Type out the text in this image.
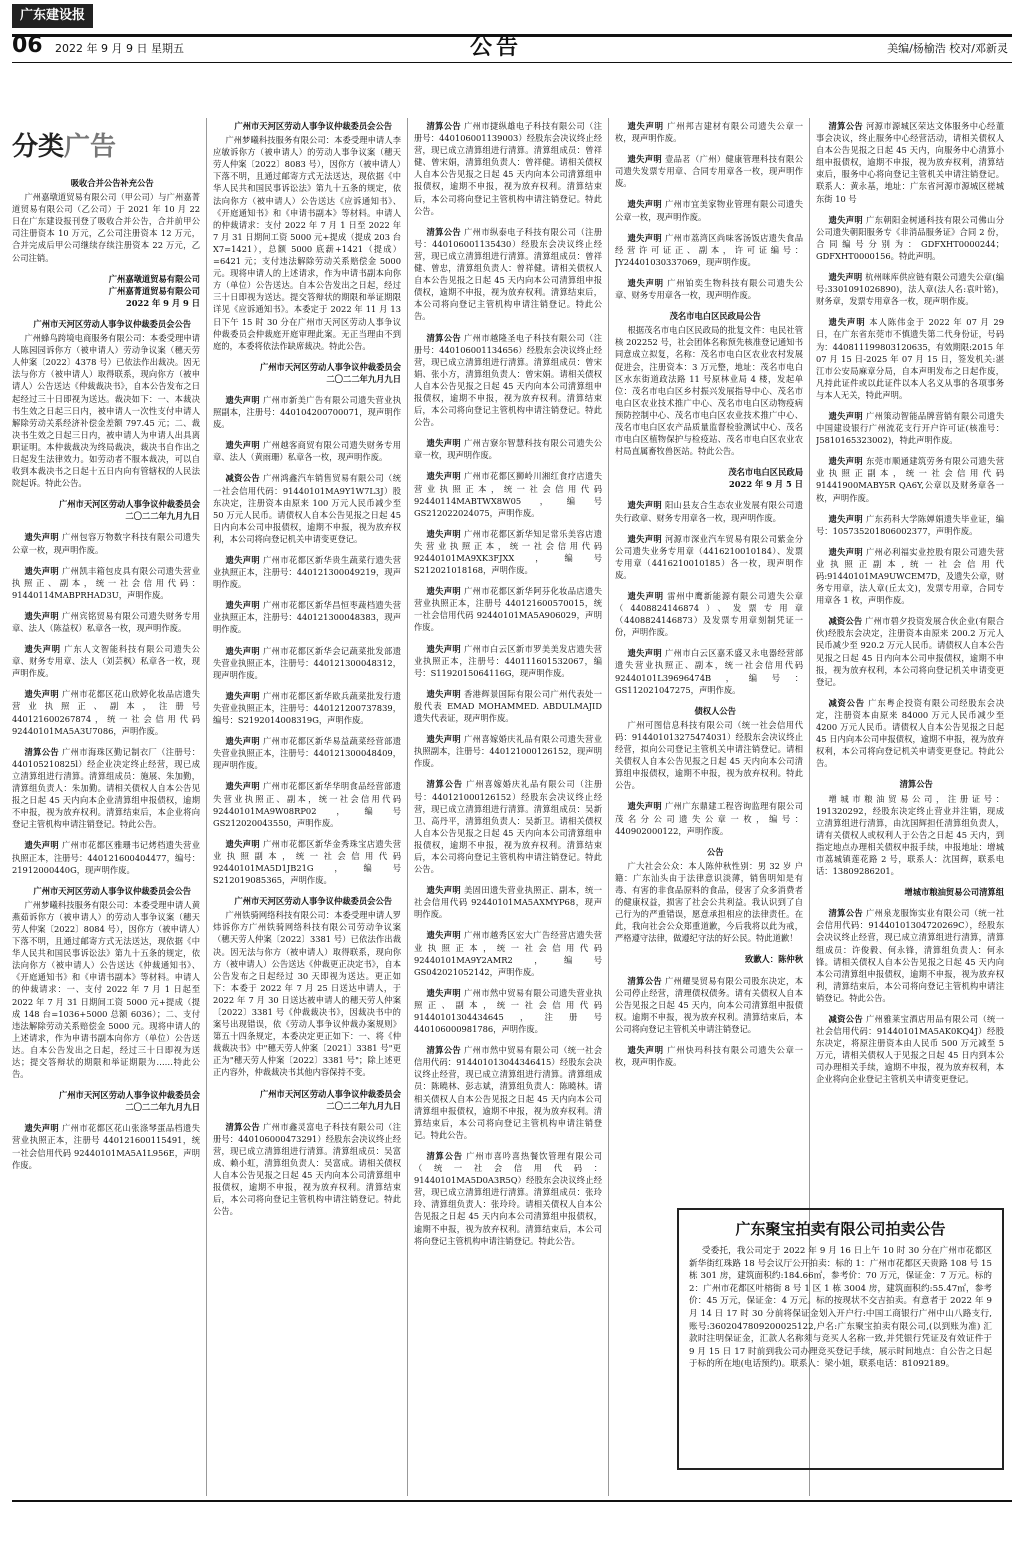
广东建设报
06 2022 年 9 月 9 日 星期五	公告	美编/杨榆浩 校对/邓新灵
分类广告

吸收合并公告补充公告

广州嘉墩道贸易有限公司（甲公司）与广州嘉菁道贸易有限公司（乙公司）于 2021 年 10 月 22 日在广东建设报刊登了吸收合并公告，合并前甲公司注册资本 10 万元，乙公司注册资本 12 万元，合并完成后甲公司继续存续注册资本 22 万元，乙公司注销。

广州嘉墩道贸易有限公司

广州嘉菁道贸易有限公司

2022 年 9 月 9 日

广州市天河区劳动人事争议仲裁委员会公告

广州蜂鸟跨境电商服务有限公司：本委受理申请人陈园园诉你方（被申请人）劳动争议案（穗天劳人仲案〔2022〕4378 号）已依法作出裁决。因无法与你方（被申请人）取得联系，现向你方（被申请人）公告送达《仲裁裁决书》，自本公告发布之日起经过三十日即视为送达。裁决如下：一、本裁决书生效之日起三日内，被申请人一次性支付申请人解除劳动关系经济补偿金差额 797.45 元；二、裁决书生效之日起三日内，被申请人为申请人出具离职证明。本仲裁裁决为终局裁决，裁决书自作出之日起发生法律效力。如劳动者不服本裁决，可以自收到本裁决书之日起十五日内向有管辖权的人民法院起诉。特此公告。

广州市天河区劳动人事争议仲裁委员会

二〇二二年九月九日

遗失声明 广州包容万物数字科技有限公司遗失公章一枚，现声明作废。

遗失声明 广州凯丰箱包皮具有限公司遗失营业执照正、副本，统一社会信用代码：91440114MABPRHAD3U，声明作废。

遗失声明 广州宾铭贸易有限公司遗失财务专用章、法人（陈益权）私章各一枚，现声明作废。

遗失声明 广东人文智能科技有限公司遗失公章、财务专用章、法人（刘芸枫）私章各一枚，现声明作废。

遗失声明 广州市花都区花山欣婷化妆品店遗失营业执照正、副本，注册号 440121600267874，统一社会信用代码 92440101MA5A3U7086，声明作废。

清算公告 广州市海珠区勤记制衣厂（注册号：440105210825l）经企业决定终止经营，现已成立清算组进行清算。清算组成员：施展、朱加勤，清算组负责人：朱加勤。请相关债权人自本公告见报之日起 45 天内向本企业清算组申报债权，逾期不申报，视为放弃权利。清算结束后，本企业将向登记主管机构申请注销登记。特此公告。

遗失声明 广州市花都区雅珊韦记烤档遗失营业执照正本，注册号：440121600404477，编号：21912000440G，现声明作废。

广州市天河区劳动人事争议仲裁委员会公告

广州梦曦科技服务有限公司：本委受理申请人黄燕茹诉你方（被申请人）的劳动人事争议案（穗天劳人仲案〔2022〕8084 号），因你方（被申请人）下落不明，且通过邮寄方式无法送达，现依据《中华人民共和国民事诉讼法》第九十五条的规定，依法向你方（被申请人）公告送达《仲裁通知书》、《开庭通知书》和《申请书副本》等材料。申请人的仲裁请求：一、支付 2022 年 7 月 1 日起至 2022 年 7 月 31 日期间工资 5000 元+提成（提成 148 台=1036+5000 总额 6036）；二、支付违法解除劳动关系赔偿金 5000 元。现将申请人的上述请求，作为申请书副本向你方（单位）公告送达。自本公告发出之日起，经过三十日即视为送达；提交答辩状的期限和举证期限为……特此公告。

广州市天河区劳动人事争议仲裁委员会

二〇二二年九月九日

遗失声明 广州市花都区花山张涤琴蛋品档遗失营业执照正本，注册号 440121600115491，统一社会信用代码 92440101MA5A1L956E，声明作废。

广州市天河区劳动人事争议仲裁委员会公告

广州梦曦科技服务有限公司：本委受理申请人李应敏诉你方（被申请人）的劳动人事争议案（穗天劳人仲案〔2022〕8083 号），因你方（被申请人）下落不明，且通过邮寄方式无法送达，现依据《中华人民共和国民事诉讼法》第九十五条的规定，依法向你方（被申请人）公告送达《应诉通知书》、《开庭通知书》和《申请书副本》等材料。申请人的仲裁请求：支付 2022 年 7 月 1 日至 2022 年 7 月 31 日期间工资 5000 元+提成（提成 203 台 X7=1421），总额 5000 底薪+1421（提成）=6421 元；支付违法解除劳动关系赔偿金 5000 元。现将申请人的上述请求，作为申请书副本向你方（单位）公告送达。自本公告发出之日起，经过三十日即视为送达。提交答辩状的期限和举证期限详见《应诉通知书》。本委定于 2022 年 11 月 13 日下午 15 时 30 分在广州市天河区劳动人事争议仲裁委员会仲裁庭开庭审理此案。无正当理由不到庭的，本委将依法作缺席裁决。特此公告。

广州市天河区劳动人事争议仲裁委员会

二〇二二年九月九日

遗失声明 广州市新美广告有限公司遗失营业执照副本，注册号：440104200700071，现声明作废。

遗失声明 广州越客商贸有限公司遗失财务专用章、法人（黄雨珊）私章各一枚，现声明作废。

减资公告 广州鸿鑫汽车销售贸易有限公司（统一社会信用代码：91440101MA9Y1W7L3J）股东决定，注册资本由原来 100 万元人民币减少至 50 万元人民币。请债权人自本公告见报之日起 45 日内向本公司申报债权，逾期不申报，视为放弃权利，本公司将向登记机关申请变更登记。

遗失声明 广州市花都区新华贵生蔬菜行遗失营业执照正本，注册号：440121300049219，现声明作废。

遗失声明 广州市花都区新华昌恒枣蔬档遗失营业执照正本，注册号：440121300048383，现声明作废。

遗失声明 广州市花都区新华会记蔬菜批发部遗失营业执照正本，注册号：440121300048312，现声明作废。

遗失声明 广州市花都区新华欧兵蔬菜批发行遗失营业执照正本，注册号：440121200737839，编号：S2192014008319G，声明作废。

遗失声明 广州市花都区新华易益蔬菜经营部遗失营业执照正本，注册号：440121300048409，现声明作废。

遗失声明 广州市花都区新华华明食品经营部遗失营业执照正、副本，统一社会信用代码 92440101MA9W08RP02，编号 GS212020043550，声明作废。

遗失声明 广州市花都区新华金秀珠宝店遗失营业执照副本，统一社会信用代码 92440101MA5D1JB21G，编号 S212019085365，声明作废。

广州市天河区劳动人事争议仲裁委员会公告

广州铁骑网络科技有限公司：本委受理申请人罗炜诉你方广州铁骑网络科技有限公司劳动争议案（穗天劳人仲案〔2022〕3381 号）已依法作出裁决。因无法与你方（被申请人）取得联系，现向你方（被申请人）公告送达《仲裁更正决定书》，自本公告发布之日起经过 30 天即视为送达。更正如下：本委于 2022 年 7 月 25 日送达申请人，于 2022 年 7 月 30 日送达被申请人的穗天劳人仲案〔2022〕3381 号《仲裁裁决书》，因裁决书中的案号出现错误，依《劳动人事争议仲裁办案规则》第五十四条规定，本委决定更正如下：一、将《仲裁裁决书》中"穗天劳人仲案〔2021〕3381 号"更正为"穗天劳人仲案〔2022〕3381 号"；除上述更正内容外，仲裁裁决书其他内容保持不变。

广州市天河区劳动人事争议仲裁委员会

二〇二二年九月九日

清算公告 广州市鑫灵富电子科技有限公司（注册号：440106000473291）经股东会决议终止经营，现已成立清算组进行清算。清算组成员：吴富成、赖小虹，清算组负责人：吴富成。请相关债权人自本公告见报之日起 45 天内向本公司清算组申报债权，逾期不申报，视为放弃权利。清算结束后，本公司将向登记主管机构申请注销登记。特此公告。

清算公告 广州市捷纵雄电子科技有限公司（注册号：440106001139003）经股东会决议终止经营，现已成立清算组进行清算。清算组成员：曾祥健、曾宋娟，清算组负责人：曾祥健。请相关债权人自本公告见报之日起 45 天内向本公司清算组申报债权，逾期不申报，视为放弃权利。清算结束后，本公司将向登记主管机构申请注销登记。特此公告。

清算公告 广州市纵泰电子科技有限公司（注册号：440106001135430）经股东会决议终止经营，现已成立清算组进行清算。清算组成员：曾祥健、曾忠，清算组负责人：曾祥健。请相关债权人自本公告见报之日起 45 天内向本公司清算组申报债权，逾期不申报，视为放弃权利。清算结束后，本公司将向登记主管机构申请注销登记。特此公告。

清算公告 广州市越隆圣电子科技有限公司（注册号：440106001134656）经股东会决议终止经营，现已成立清算组进行清算。清算组成员：曾宋娟、张小方，清算组负责人：曾宋娟。请相关债权人自本公告见报之日起 45 天内向本公司清算组申报债权，逾期不申报，视为放弃权利。清算结束后，本公司将向登记主管机构申请注销登记。特此公告。

遗失声明 广州吉寮尔智慧科技有限公司遗失公章一枚，现声明作废。

遗失声明 广州市花都区狮岭川湘红食疗店遗失营业执照正本，统一社会信用代码 92440114MABTWX8W05，编号 GS212022024075，声明作废。

遗失声明 广州市花都区新华知足常乐美容店遗失营业执照正本，统一社会信用代码 92440101MA9XK3FJXX，编号 S212021018168，声明作废。

遗失声明 广州市花都区新华阿芬化妆品店遗失营业执照正本，注册号 440121600570015，统一社会信用代码 92440101MA5A906029，声明作废。

遗失声明 广州市白云区新市罗美美发店遗失营业执照正本，注册号：440111601532067，编号：S1192015064116G，现声明作废。

遗失声明 香港辉景国际有限公司广州代表处一般代表 EMAD MOHAMMED. ABDULMAJID 遗失代表证，现声明作废。

遗失声明 广州喜嫁婚庆礼品有限公司遗失营业执照副本，注册号：440121000126152，现声明作废。

清算公告 广州喜嫁婚庆礼品有限公司（注册号：440121000126152）经股东会决议终止经营，现已成立清算组进行清算。清算组成员：吴新卫、高丹平，清算组负责人：吴新卫。请相关债权人自本公告见报之日起 45 天内向本公司清算组申报债权，逾期不申报，视为放弃权利。清算结束后，本公司将向登记主管机构申请注销登记。特此公告。

遗失声明 美固田遗失营业执照正、副本，统一社会信用代码 92440101MA5AXMYP68，现声明作废。

遗失声明 广州市越秀区宏大广告经营店遗失营业执照正本，统一社会信用代码 92440101MA9Y2AMR2，编号 GS042021052142，声明作废。

遗失声明 广州市然中贸易有限公司遗失营业执照正、副本，统一社会信用代码 91440101304434645，注册号 440106000981786，声明作废。

清算公告 广州市然中贸易有限公司（统一社会信用代码：914401013044346415）经股东会决议终止经营，现已成立清算组进行清算。清算组成员：陈曉林、彭志斌，清算组负责人：陈曉林。请相关债权人自本公告见报之日起 45 天内向本公司清算组申报债权，逾期不申报，视为放弃权利。清算结束后，本公司将向登记主管机构申请注销登记。特此公告。

清算公告 广州市喜吟喜热餐饮管理有限公司（统一社会信用代码：91440101MA5D0A3R5Q）经股东会决议终止经营，现已成立清算组进行清算。清算组成员：张玲玲、清算组负责人：张玲玲。请相关债权人自本公告见报之日起 45 天内向本公司清算组申报债权，逾期不申报，视为放弃权利。清算结束后，本公司将向登记主管机构申请注销登记。特此公告。

遗失声明 广州邦吉建材有限公司遗失公章一枚，现声明作废。

遗失声明 壹品茗（广州）健康管理科技有限公司遗失发票专用章、合同专用章各一枚，现声明作废。

遗失声明 广州市宜美家物业管理有限公司遗失公章一枚，现声明作废。

遗失声明 广州市荔湾区尚味客汤饭店遗失食品经营许可证正、副本，许可证编号：JY24401030337069，现声明作废。

遗失声明 广州铂奕生物科技有限公司遗失公章、财务专用章各一枚，现声明作废。

茂名市电白区民政局公告

根据茂名市电白区民政局的批复文件：电民社管核 202252 号，社会团体名称预先核准登记通知书同意成立拟复，名称：茂名市电白区农业农村发展促进会，注册资本：3 万元整，地址：茂名市电白区水东街道政法路 11 号原林业局 4 楼，发起单位：茂名市电白区乡村振兴发展指导中心、茂名市电白区农业技术推广中心、茂名市电白区动物疫病预防控制中心、茂名市电白区农业技术推广中心、茂名市电白区农产品质量监督检验测试中心、茂名市电白区植物保护与检疫站、茂名市电白区农业农村局直属畜牧兽医站。特此公告。

茂名市电白区民政局

2022 年 9 月 5 日

遗失声明 阳山县友合生态农业发展有限公司遗失行政章、财务专用章各一枚，现声明作废。

遗失声明 河源市深业汽车贸易有限公司紫金分公司遗失业务专用章（4416210010184）、发票专用章（4416210010185）各一枚，现声明作废。

遗失声明 雷州中鹰新能源有限公司遗失公章（4408824146874）、发票专用章（4408824146873）及发票专用章刻制凭证一份，声明作废。

遗失声明 广州市白云区嘉禾盛又永电器经营部遗失营业执照正、副本，统一社会信用代码 92440101L39696474B，编号：GS112021047275，声明作废。

债权人公告

广州可图信息科技有限公司（统一社会信用代码：914401013275474031）经股东会决议终止经营，拟向公司登记主管机关申请注销登记。请相关债权人自本公告见报之日起 45 天内向本公司清算组申报债权，逾期不申报，视为放弃权利。特此公告。

遗失声明 广州广东鼎建工程咨询监理有限公司茂名分公司遗失公章一枚，编号：440902000122，声明作废。

公告

广大社会公众：本人陈仲秋性别：男 32 岁 户籍：广东汕头由于法律意识淡薄，销售明知是有毒、有害的非食品原料的食品，侵害了众多消费者的健康权益，损害了社会公共利益。我认识到了自己行为的严重错误，愿意承担相应的法律责任。在此，我向社会公众郑重道歉，今后我将以此为戒，严格遵守法律，做遵纪守法的好公民。特此道歉！

致歉人：陈仲秋

清算公告 广州耀旻贸易有限公司股东决定，本公司停止经营，清理债权债务。请有关债权人自本公告见报之日起 45 天内，向本公司清算组申报债权。逾期不申报，视为放弃权利。清算结束后，本公司将向登记主管机关申请注销登记。

遗失声明 广州快玛科技有限公司遗失公章一枚，现声明作废。

清算公告 河源市源城区荣达文体服务中心经董事会决议，终止服务中心经营活动，请相关债权人自本公告见报之日起 45 天内，向服务中心清算小组申报债权，逾期不申报，视为放弃权利，清算结束后，服务中心将向登记主管机关申请注销登记。联系人：黄永基，地址：广东省河源市源城区槎城东街 10 号

遗失声明 广东朝阳金树通科技有限公司佛山分公司遗失朝阳服务专《非消品服务证》合同 2 份，合同编号分别为：GDFXHT0000244；GDFXHT0000156。特此声明。

遗失声明 杭州咪库供应链有限公司遗失公章(编号:3301091026890)，法人章(法人名:袁叶铭)，财务章，发票专用章各一枚，现声明作废。

遗失声明 本人陈伟金于 2022 年 07 月 29 日，在广东省东莞市不慎遗失第二代身份证，号码为：440811199803120635，有效期限:2015 年 07 月 15 日-2025 年 07 月 15 日，签发机关:湛江市公安局麻章分局，自本声明发布之日起作废，凡持此证件或以此证件以本人名义从事的各项事务与本人无关，特此声明。

遗失声明 广州策动智能品牌营销有限公司遗失中国建设银行广州流花支行开户许可证(核准号：J5810165323002)，特此声明作废。

遗失声明 东莞市顺通建筑劳务有限公司遗失营业执照正副本，统一社会信用代码 91441900MABY5R QA6Y,公章以及财务章各一枚，声明作废。

遗失声明 广东药科大学陈婵娟遗失毕业证，编号：105735201806002377，声明作废。

遗失声明 广州必利福实业控股有限公司遗失营业执照正副本,统一社会信用代码:91440101MA9UWCEM7D，及遗失公章，财务专用章，法人章(丘太文)，发票专用章，合同专用章各 1 枚，声明作废。

减资公告 广州市碧夕投资发展合伙企业(有限合伙)经股东会决定，注册资本由原来 200.2 万元人民币减少至 920.2 万元人民币。请债权人自本公告见报之日起 45 日内向本公司申报债权，逾期不申报，视为放弃权利，本公司将向登记机关申请变更登记。

减资公告 广东粤企投资有限公司经股东会决定，注册资本由原来 84000 万元人民币减少至 4200 万元人民币。请债权人自本公告见报之日起 45 日内向本公司申报债权，逾期不申报，视为放弃权利，本公司将向登记机关申请变更登记。特此公告。

清算公告

增城市粮油贸易公司，注册证号：191320292，经股东决定终止营业并注销，现成立清算组进行清算，由沈国辉担任清算组负责人，请有关债权人或权利人于公告之日起 45 天内，到指定地点办理相关债权申报手续，申报地址：增城市荔城镇莲花路 2 号，联系人：沈国辉，联系电话：13809286201。

增城市粮油贸易公司清算组

清算公告 广州泉龙服饰实业有限公司（统一社会信用代码：91440101304720269C），经股东会决议终止经营，现已成立清算组进行清算，清算组成员：许俊毅、何永锋，清算组负责人：何永锋。请相关债权人自本公告见报之日起 45 天内向本公司清算组申报债权，逾期不申报，视为放弃权利，清算结束后，本公司将向登记主管机构申请注销登记。特此公告。

减资公告 广州雅莱宝酒店用品有限公司（统一社会信用代码：91440101MA5AK0KQ4J）经股东决定，将原注册资本由人民币 500 万元减至 5 万元，请相关债权人于见报之日起 45 日内到本公司办理相关手续，逾期不申报，视为放弃权利，本企业将向企业登记主管机关申请变更登记。

广东聚宝拍卖有限公司拍卖公告

受委托，我公司定于 2022 年 9 月 16 日上午 10 时 30 分在广州市花都区新华街红珠路 18 号会议厅公开拍卖：标的 1：广州市花都区天贵路 108 号 15 栋 301 房，建筑面积约:184.66㎡，参考价：70 万元，保证金：7 万元。标的 2：广州市花都区叶榕街 8 号 1 区 1 栋 3004 房，建筑面积约:55.47㎡，参考价：45 万元，保证金：4 万元。标的按现状不交吉拍卖。有意者于 2022 年 9 月 14 日 17 时 30 分前将保证金划入开户行:中国工商银行广州中山八路支行,账号:3602047809200025122,户名:广东聚宝拍卖有限公司,(以到账为准) 汇款时注明保证金，汇款人名称须与竞买人名称一致,并凭银行凭证及有效证件于 9 月 15 日 17 时前到我公司办理竞买登记手续，展示时间地点：自公告之日起于标的所在地(电话预约)。联系人：梁小姐，联系电话：81092189。
